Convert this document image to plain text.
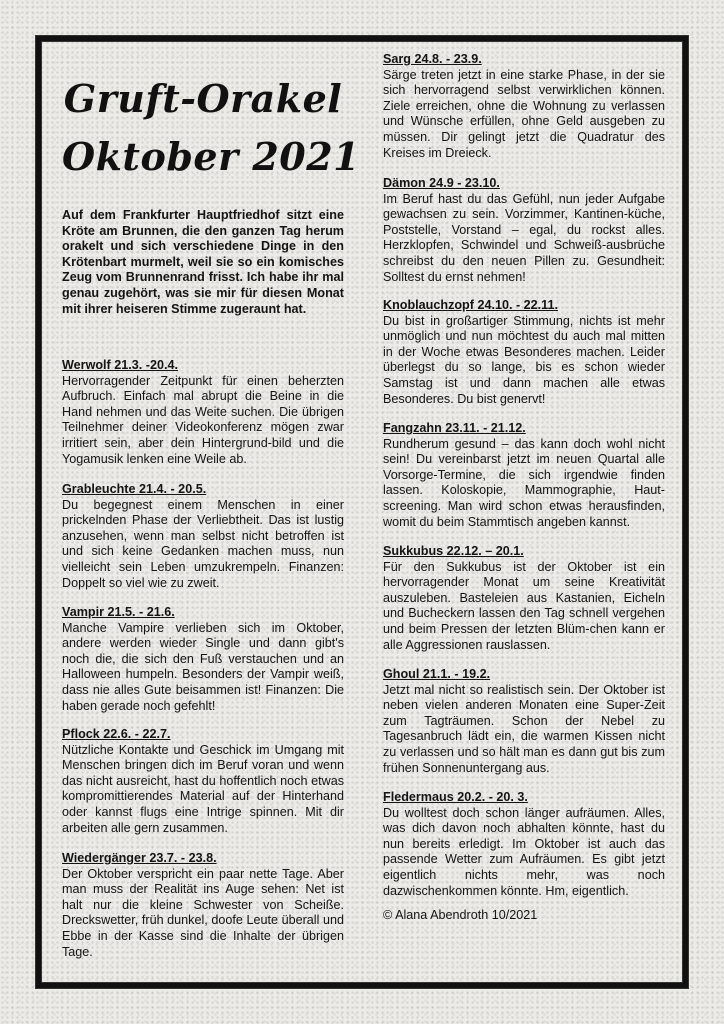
Gruft-Orakel
Oktober 2021
Auf dem Frankfurter Hauptfriedhof sitzt eine Kröte am Brunnen, die den ganzen Tag herum orakelt und sich verschiedene Dinge in den Krötenbart murmelt, weil sie so ein komisches Zeug vom Brunnenrand frisst. Ich habe ihr mal genau zugehört, was sie mir für diesen Monat mit ihrer heiseren Stimme zugeraunt hat.
Werwolf 21.3. -20.4.

Hervorragender Zeitpunkt für einen beherzten Aufbruch. Einfach mal abrupt die Beine in die Hand nehmen und das Weite suchen. Die übrigen Teilnehmer deiner Videokonferenz mögen zwar irritiert sein, aber dein Hintergrund-bild und die Yogamusik lenken eine Weile ab.

Grableuchte 21.4. - 20.5.

Du begegnest einem Menschen in einer prickelnden Phase der Verliebtheit. Das ist lustig anzusehen, wenn man selbst nicht betroffen ist und sich keine Gedanken machen muss, nun vielleicht sein Leben umzukrempeln. Finanzen: Doppelt so viel wie zu zweit.

Vampir 21.5. - 21.6.

Manche Vampire verlieben sich im Oktober, andere werden wieder Single und dann gibt's noch die, die sich den Fuß verstauchen und an Halloween humpeln. Besonders der Vampir weiß, dass nie alles Gute beisammen ist! Finanzen: Die haben gerade noch gefehlt!

Pflock 22.6. - 22.7.

Nützliche Kontakte und Geschick im Umgang mit Menschen bringen dich im Beruf voran und wenn das nicht ausreicht, hast du hoffentlich noch etwas kompromittierendes Material auf der Hinterhand oder kannst flugs eine Intrige spinnen. Mit dir arbeiten alle gern zusammen.

Wiedergänger 23.7. - 23.8.

Der Oktober verspricht ein paar nette Tage. Aber man muss der Realität ins Auge sehen: Net ist halt nur die kleine Schwester von Scheiße. Dreckswetter, früh dunkel, doofe Leute überall und Ebbe in der Kasse sind die Inhalte der übrigen Tage.

Sarg 24.8. - 23.9.

Särge treten jetzt in eine starke Phase, in der sie sich hervorragend selbst verwirklichen können. Ziele erreichen, ohne die Wohnung zu verlassen und Wünsche erfüllen, ohne Geld ausgeben zu müssen. Dir gelingt jetzt die Quadratur des Kreises im Dreieck.

Dämon 24.9 - 23.10.

Im Beruf hast du das Gefühl, nun jeder Aufgabe gewachsen zu sein. Vorzimmer, Kantinen-küche, Poststelle, Vorstand – egal, du rockst alles. Herzklopfen, Schwindel und Schweiß-ausbrüche schreibst du den neuen Pillen zu. Gesundheit: Solltest du ernst nehmen!

Knoblauchzopf 24.10. - 22.11.

Du bist in großartiger Stimmung, nichts ist mehr unmöglich und nun möchtest du auch mal mitten in der Woche etwas Besonderes machen. Leider überlegst du so lange, bis es schon wieder Samstag ist und dann machen alle etwas Besonderes. Du bist genervt!

Fangzahn 23.11. - 21.12.

Rundherum gesund – das kann doch wohl nicht sein! Du vereinbarst jetzt im neuen Quartal alle Vorsorge-Termine, die sich irgendwie finden lassen. Koloskopie, Mammographie, Haut-screening. Man wird schon etwas herausfinden, womit du beim Stammtisch angeben kannst.

Sukkubus 22.12. – 20.1.

Für den Sukkubus ist der Oktober ist ein hervorragender Monat um seine Kreativität auszuleben. Basteleien aus Kastanien, Eicheln und Bucheckern lassen den Tag schnell vergehen und beim Pressen der letzten Blüm-chen kann er alle Aggressionen rauslassen.

Ghoul 21.1. - 19.2.

Jetzt mal nicht so realistisch sein. Der Oktober ist neben vielen anderen Monaten eine Super-Zeit zum Tagträumen. Schon der Nebel zu Tagesanbruch lädt ein, die warmen Kissen nicht zu verlassen und so hält man es dann gut bis zum frühen Sonnenuntergang aus.

Fledermaus 20.2. - 20. 3.

Du wolltest doch schon länger aufräumen. Alles, was dich davon noch abhalten könnte, hast du nun bereits erledigt. Im Oktober ist auch das passende Wetter zum Aufräumen. Es gibt jetzt eigentlich nichts mehr, was noch dazwischenkommen könnte. Hm, eigentlich.

© Alana Abendroth 10/2021
